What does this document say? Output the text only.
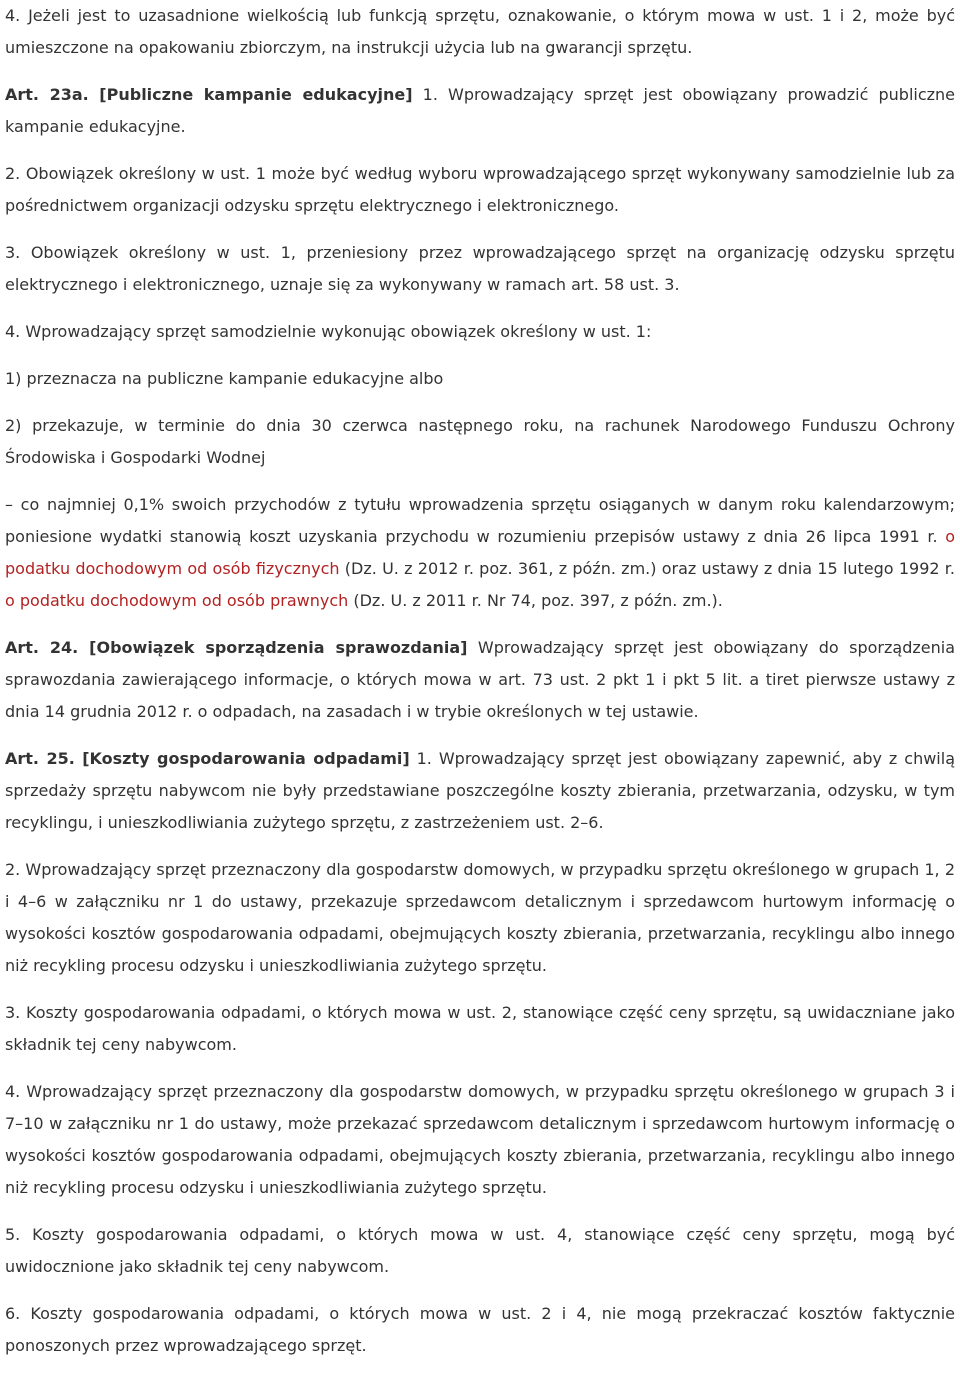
4. Jeżeli jest to uzasadnione wielkością lub funkcją sprzętu, oznakowanie, o którym mowa w ust. 1 i 2, może być umieszczone na opakowaniu zbiorczym, na instrukcji użycia lub na gwarancji sprzętu.

Art. 23a. [Publiczne kampanie edukacyjne] 1. Wprowadzający sprzęt jest obowiązany prowadzić publiczne kampanie edukacyjne.

2. Obowiązek określony w ust. 1 może być według wyboru wprowadzającego sprzęt wykonywany samodzielnie lub za pośrednictwem organizacji odzysku sprzętu elektrycznego i elektronicznego.

3. Obowiązek określony w ust. 1, przeniesiony przez wprowadzającego sprzęt na organizację odzysku sprzętu elektrycznego i elektronicznego, uznaje się za wykonywany w ramach art. 58 ust. 3.

4. Wprowadzający sprzęt samodzielnie wykonując obowiązek określony w ust. 1:

1) przeznacza na publiczne kampanie edukacyjne albo

2) przekazuje, w terminie do dnia 30 czerwca następnego roku, na rachunek Narodowego Funduszu Ochrony Środowiska i Gospodarki Wodnej

– co najmniej 0,1% swoich przychodów z tytułu wprowadzenia sprzętu osiąganych w danym roku kalendarzowym; poniesione wydatki stanowią koszt uzyskania przychodu w rozumieniu przepisów ustawy z dnia 26 lipca 1991 r. o podatku dochodowym od osób fizycznych (Dz. U. z 2012 r. poz. 361, z późn. zm.) oraz ustawy z dnia 15 lutego 1992 r. o podatku dochodowym od osób prawnych (Dz. U. z 2011 r. Nr 74, poz. 397, z późn. zm.).

Art. 24. [Obowiązek sporządzenia sprawozdania] Wprowadzający sprzęt jest obowiązany do sporządzenia sprawozdania zawierającego informacje, o których mowa w art. 73 ust. 2 pkt 1 i pkt 5 lit. a tiret pierwsze ustawy z dnia 14 grudnia 2012 r. o odpadach, na zasadach i w trybie określonych w tej ustawie.

Art. 25. [Koszty gospodarowania odpadami] 1. Wprowadzający sprzęt jest obowiązany zapewnić, aby z chwilą sprzedaży sprzętu nabywcom nie były przedstawiane poszczególne koszty zbierania, przetwarzania, odzysku, w tym recyklingu, i unieszkodliwiania zużytego sprzętu, z zastrzeżeniem ust. 2–6.

2. Wprowadzający sprzęt przeznaczony dla gospodarstw domowych, w przypadku sprzętu określonego w grupach 1, 2 i 4–6 w załączniku nr 1 do ustawy, przekazuje sprzedawcom detalicznym i sprzedawcom hurtowym informację o wysokości kosztów gospodarowania odpadami, obejmujących koszty zbierania, przetwarzania, recyklingu albo innego niż recykling procesu odzysku i unieszkodliwiania zużytego sprzętu.

3. Koszty gospodarowania odpadami, o których mowa w ust. 2, stanowiące część ceny sprzętu, są uwidaczniane jako składnik tej ceny nabywcom.

4. Wprowadzający sprzęt przeznaczony dla gospodarstw domowych, w przypadku sprzętu określonego w grupach 3 i 7–10 w załączniku nr 1 do ustawy, może przekazać sprzedawcom detalicznym i sprzedawcom hurtowym informację o wysokości kosztów gospodarowania odpadami, obejmujących koszty zbierania, przetwarzania, recyklingu albo innego niż recykling procesu odzysku i unieszkodliwiania zużytego sprzętu.

5. Koszty gospodarowania odpadami, o których mowa w ust. 4, stanowiące część ceny sprzętu, mogą być uwidocznione jako składnik tej ceny nabywcom.

6. Koszty gospodarowania odpadami, o których mowa w ust. 2 i 4, nie mogą przekraczać kosztów faktycznie ponoszonych przez wprowadzającego sprzęt.
